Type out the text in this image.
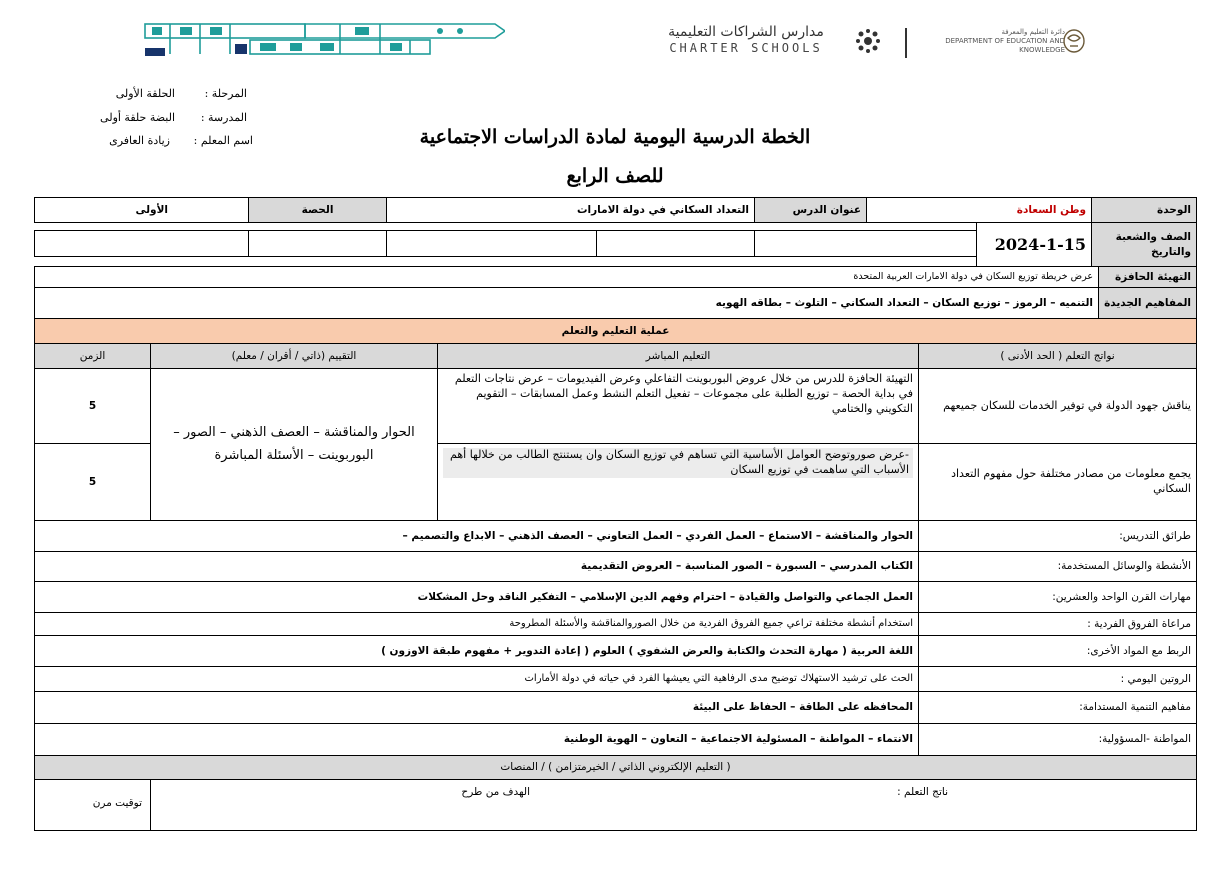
مدارس الشراكات التعليمية
CHARTER SCHOOLS
دائرة التعليم والمعرفة
DEPARTMENT OF EDUCATION AND KNOWLEDGE
المرحلة :
الحلقة الأولى
المدرسة :
البضة حلقة أولى
اسم المعلم :
زيادة العافرى	الخطة الدرسية اليومية لمادة الدراسات الاجتماعية
للصف الرابع
الوحدة
وطن السعادة
عنوان الدرس
التعداد السكاني في دولة الامارات
الحصة
الأولى
الصف والشعبة والتاريخ
2024-1-15
التهيئة الحافزة
عرض خريطة توزيع السكان في دولة الامارات العربية المتحدة
المفاهيم الجديدة
التنميه – الرموز – توزيع السكان – التعداد السكاني – التلوث – بطاقه الهويه
عملية التعليم والتعلم
نواتج التعلم ( الحد الأدنى )
التعليم المباشر
التقييم (ذاتي / أقران / معلم)
الزمن
يناقش جهود الدولة في توفير الخدمات للسكان جميعهم
التهيئة الحافزة للدرس من خلال عروض البوربوينت التفاعلي وعرض الفيديومات – عرض نتاجات التعلم في بداية الحصة – توزيع الطلبة على مجموعات – تفعيل التعلم النشط وعمل المسابقات – التقويم التكويني والختامي
5
يجمع معلومات من مصادر مختلفة حول مفهوم التعداد السكاني
-عرض صوروتوضح العوامل الأساسية التي تساهم في توزيع السكان وان يستنتج الطالب من خلالها أهم الأسباب التي ساهمت في توزيع السكان
5
الحوار والمناقشة – العصف الذهني – الصور – البوربوينت – الأسئلة المباشرة
طرائق التدريس:
الحوار والمناقشة – الاستماع – العمل الفردي – العمل التعاوني – العصف الذهني – الابداع والتصميم –
الأنشطة والوسائل المستخدمة:
الكتاب المدرسي – السبورة – الصور المناسبة – العروض التقديمية
مهارات القرن الواحد والعشرين:
العمل الجماعي والتواصل والقيادة – احترام وفهم الدين الإسلامي – التفكير الناقد وحل المشكلات
مراعاة الفروق الفردية :
استخدام أنشطة مختلفة تراعي جميع الفروق الفردية من خلال الصوروالمناقشة والأسئلة المطروحة
الربط مع المواد الأخرى:
اللغة العربية ( مهارة التحدث والكتابة والعرض الشفوي ) العلوم ( إعادة التدوير + مفهوم طبقة الاوزون )
الروتين اليومي :
الحث على ترشيد الاستهلاك توضيح مدى الرفاهية التي يعيشها الفرد في حياته في دولة الأمارات
مفاهيم التنمية المستدامة:
المحافظه على الطاقة – الحفاظ على البيئة
المواطنة -المسؤولية:
الانتماء – المواطنة – المسئولية الاجتماعية – التعاون – الهوية الوطنية
( التعليم الإلكتروني الذاتي / الخيرمتزامن ) / المنصات
ناتج التعلم :
الهدف من طرح
توقيت مرن
